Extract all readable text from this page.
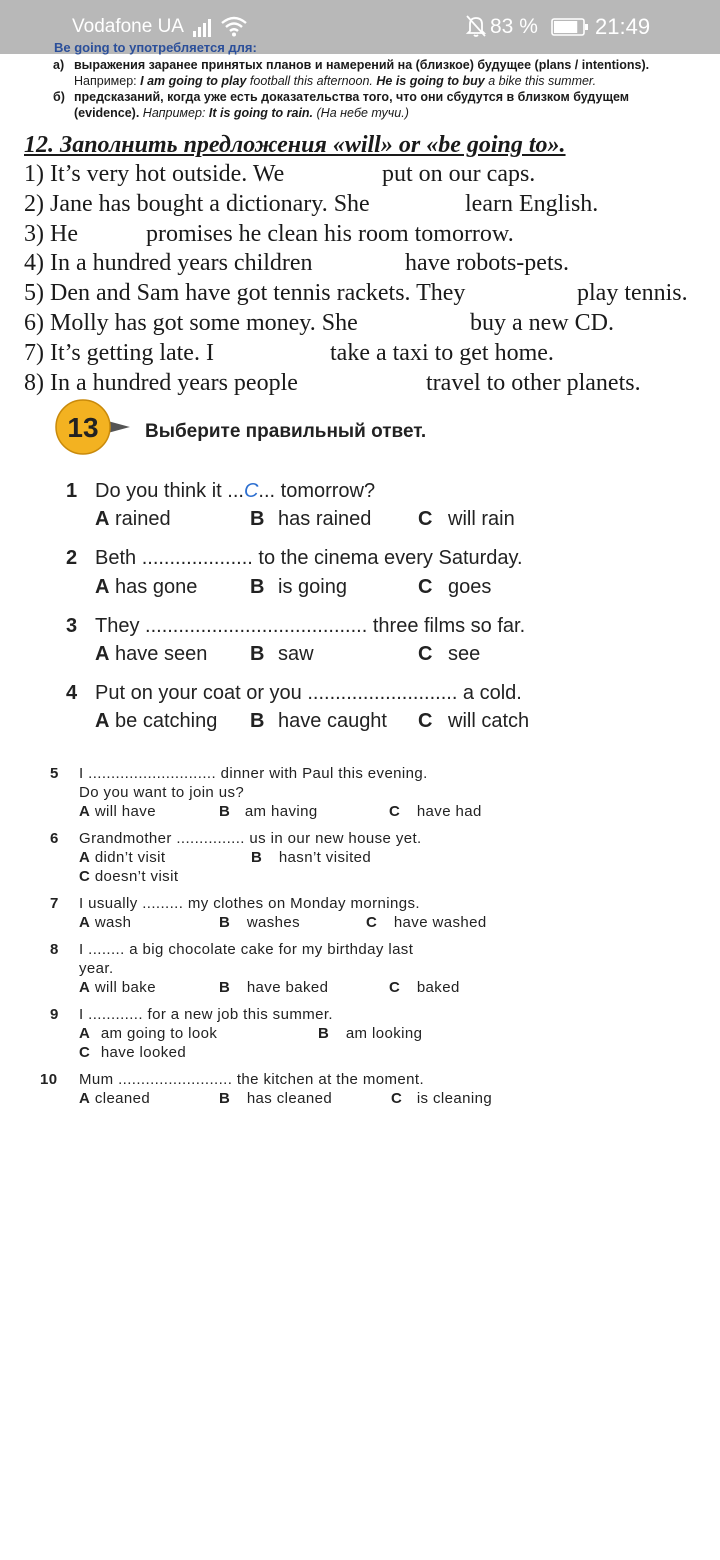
Vodafone UA	83 %	21:49
Be going to употребляется для:
а) выражения заранее принятых планов и намерений на (близкое) будущее (plans / intentions).
Например: I am going to play football this afternoon. He is going to buy a bike this summer.
б) предсказаний, когда уже есть доказательства того, что они сбудутся в близком будущем
(evidence). Например: It is going to rain. (На небе тучи.)
12. Заполнить предложения «will» or «be going to».
1) It’s very hot outside. We	put on our caps.
2) Jane has bought a dictionary. She	learn English.
3) He	promises he clean his room tomorrow.
4) In a hundred years children	have robots-pets.
5) Den and Sam have got tennis rackets. They	play tennis.
6) Molly has got some money. She	buy a new CD.
7) It’s getting late. I	take a taxi to get home.
8) In a hundred years people	travel to other planets.
13 Выберите правильный ответ.
1 Do you think it ...C... tomorrow?
A rained	B has rained C will rain
2 Beth .................... to the cinema every Saturday.
A has gone	B is going	C goes
3 They ........................................ three films so far.
A have seen B saw	C see
4 Put on your coat or you ........................... a cold.
A be catching B have caught C will catch
5 I ............................ dinner with Paul this evening.
Do you want to join us?
A will have	B am having	C have had
6 Grandmother ............... us in our new house yet.
A didn’t visit	B hasn’t visited
C doesn’t visit
7 I usually ......... my clothes on Monday mornings.
A wash	B washes	C have washed
8 I ........ a big chocolate cake for my birthday last
year.
A will bake	B have baked	C baked
9 I ............ for a new job this summer.
A am going to look	B am looking
C have looked
10 Mum ......................... the kitchen at the moment.
A cleaned	B has cleaned	C is cleaning
